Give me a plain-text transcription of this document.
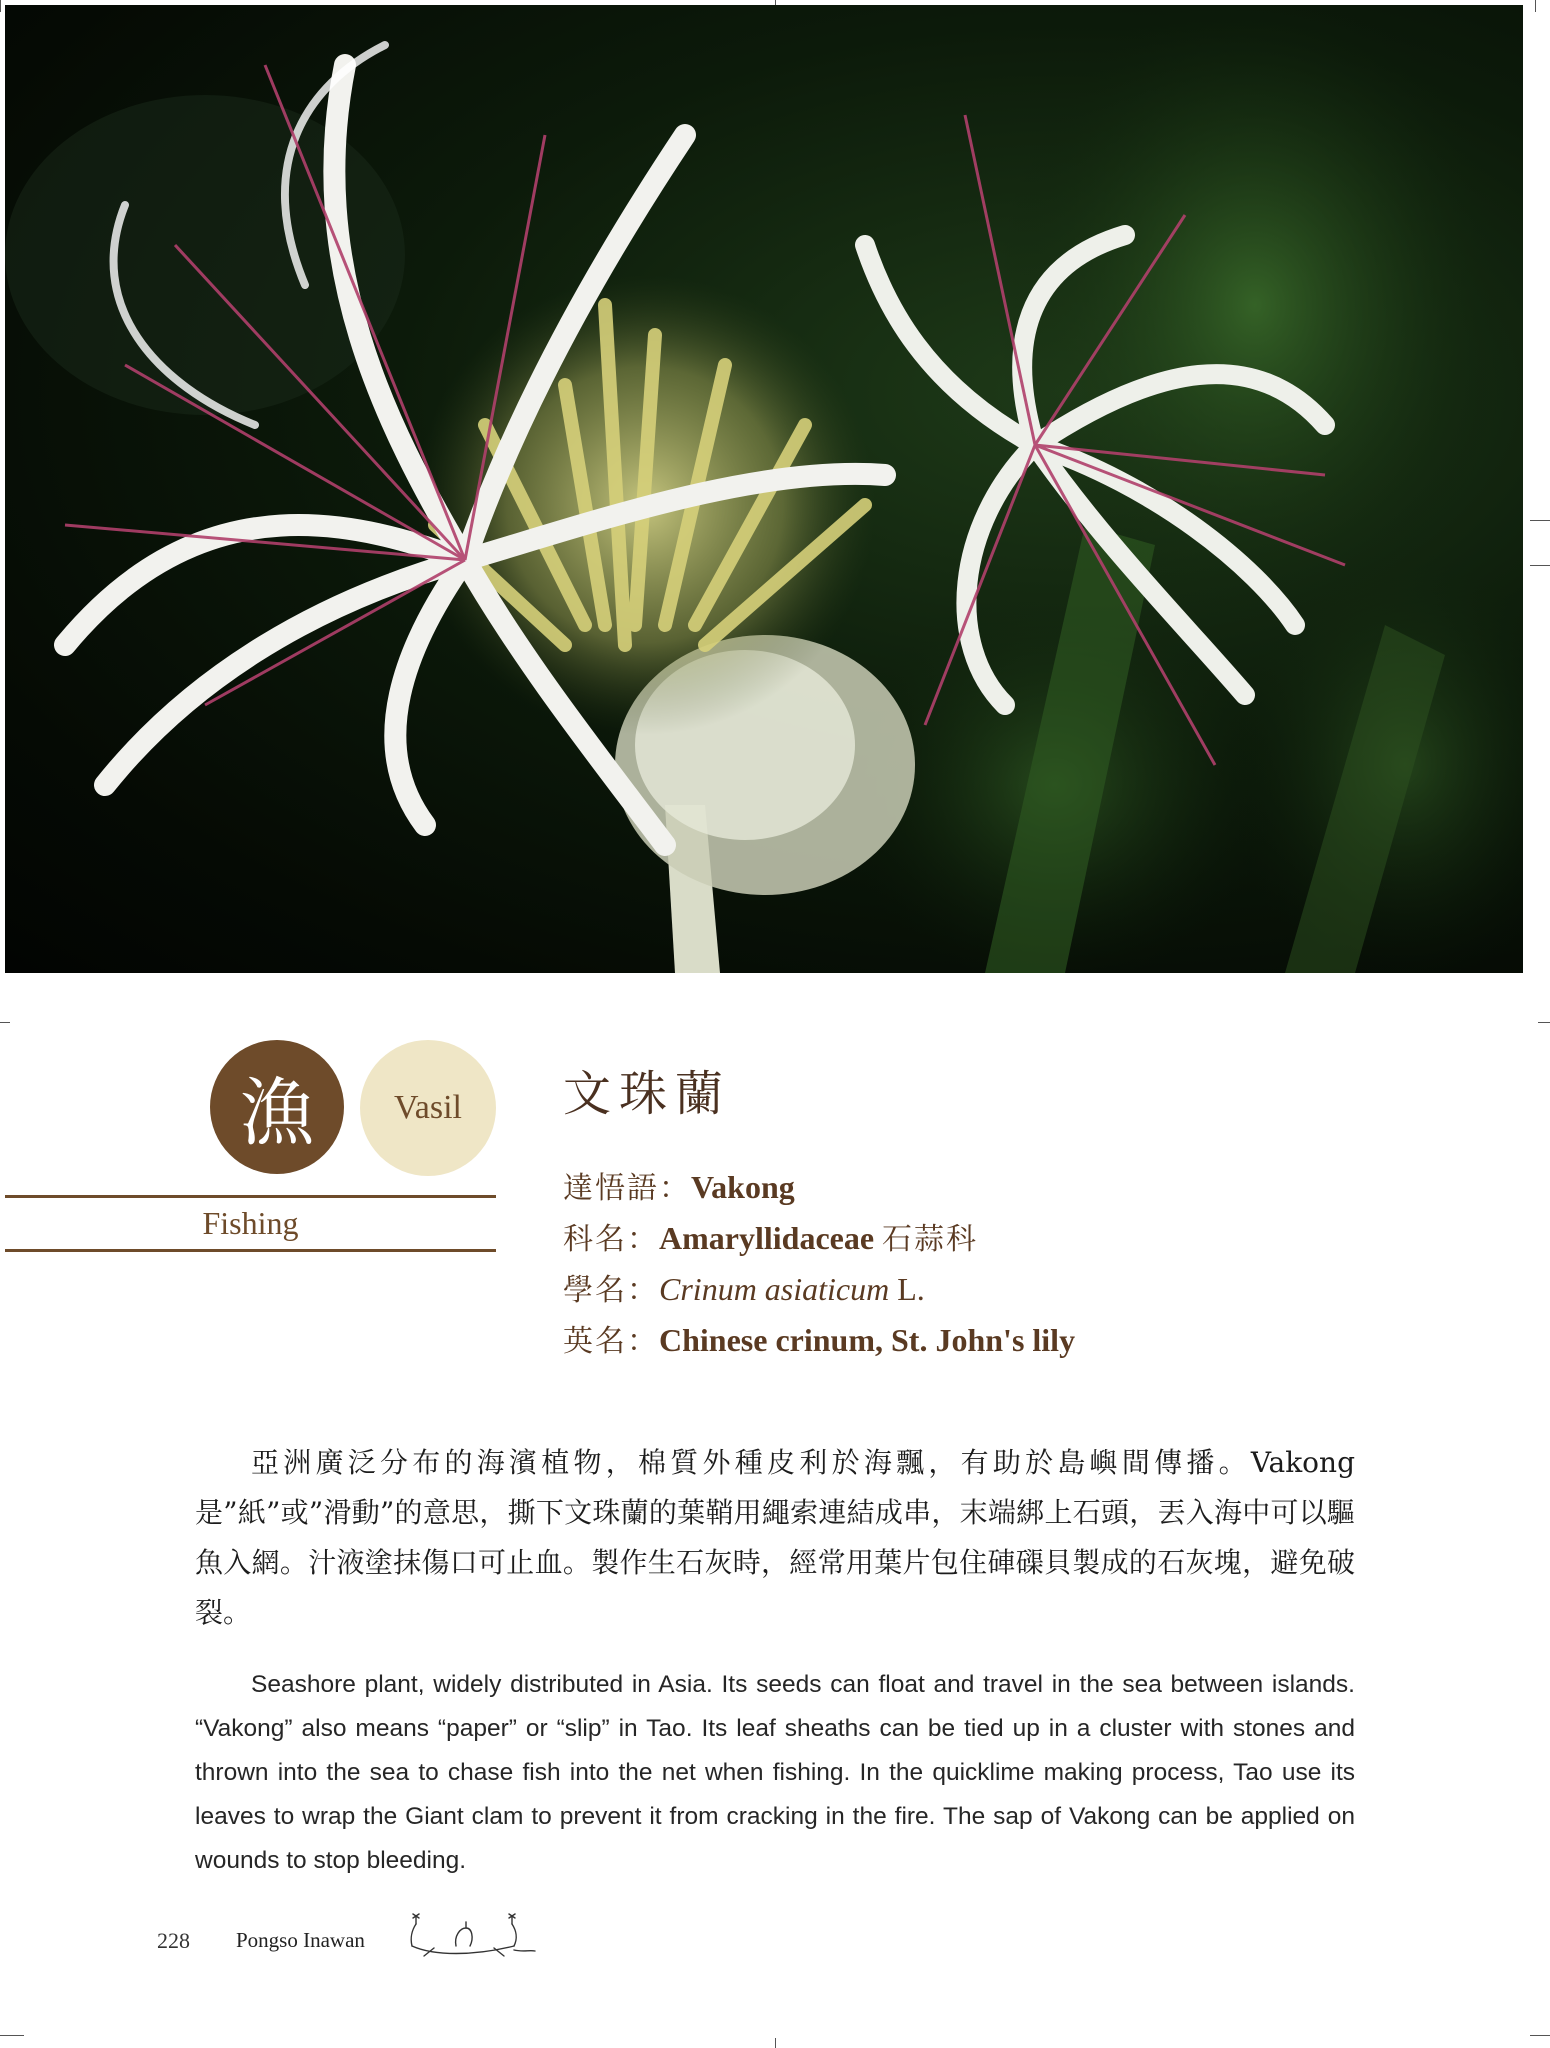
漁 Vasil
Fishing
文珠蘭
達悟語：Vakong
科名：Amaryllidaceae 石蒜科
學名：Crinum asiaticum L.
英名：Chinese crinum, St. John's lily

亞洲廣泛分布的海濱植物，棉質外種皮利於海飄，有助於島嶼間傳播。Vakong 是”紙”或”滑動”的意思，撕下文珠蘭的葉鞘用繩索連結成串，末端綁上石頭，丟入海中可以驅魚入網。汁液塗抹傷口可止血。製作生石灰時，經常用葉片包住硨磲貝製成的石灰塊，避免破裂。

Seashore plant, widely distributed in Asia. Its seeds can float and travel in the sea between islands. “Vakong” also means “paper” or “slip” in Tao. Its leaf sheaths can be tied up in a cluster with stones and thrown into the sea to chase fish into the net when fishing. In the quicklime making process, Tao use its leaves to wrap the Giant clam to prevent it from cracking in the fire. The sap of Vakong can be applied on wounds to stop bleeding.

228 Pongso Inawan
